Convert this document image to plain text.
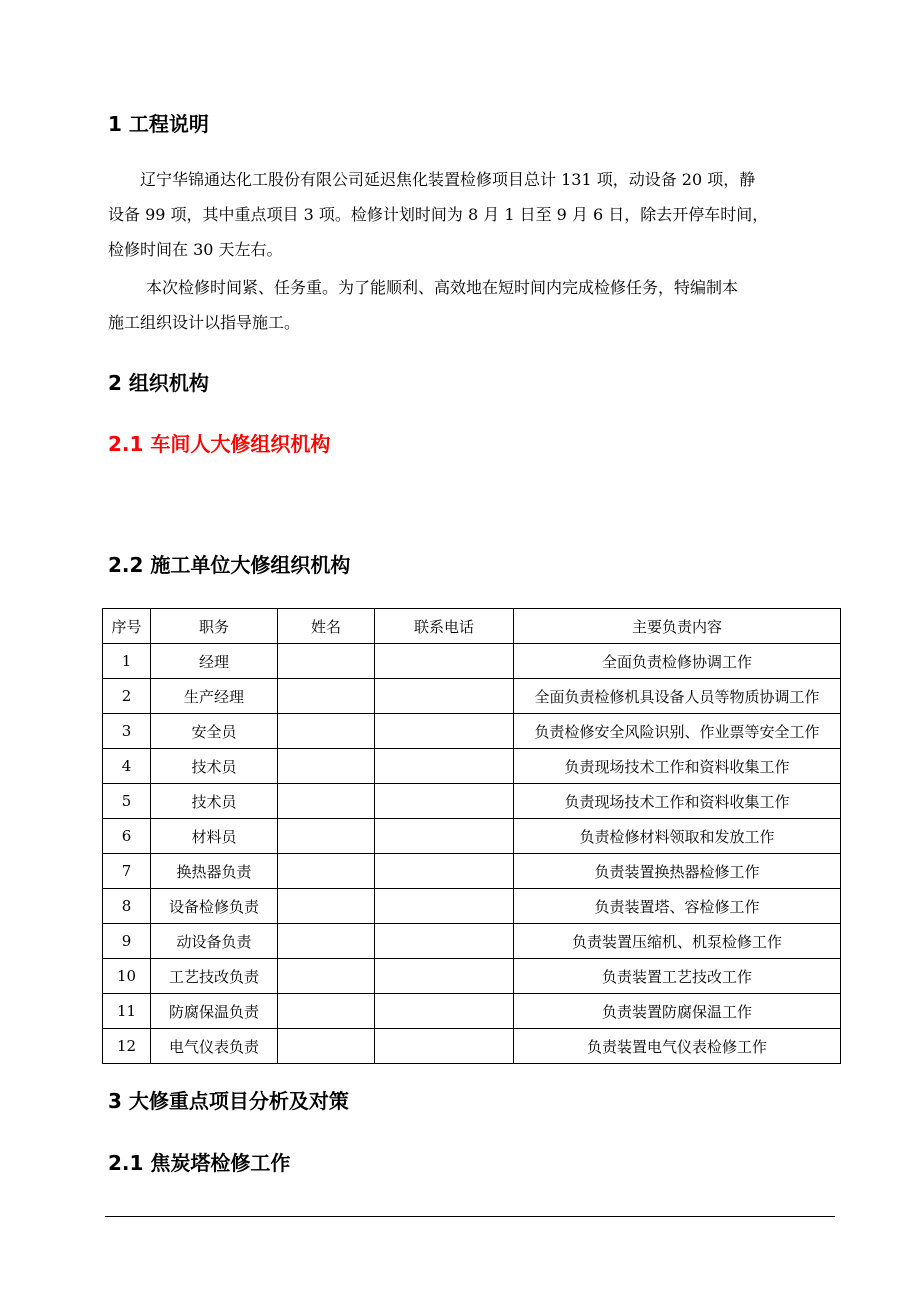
1 工程说明
辽宁华锦通达化工股份有限公司延迟焦化装置检修项目总计 131 项，动设备 20 项，静
设备 99 项，其中重点项目 3 项。检修计划时间为 8 月 1 日至 9 月 6 日，除去开停车时间，
检修时间在 30 天左右。
本次检修时间紧、任务重。为了能顺利、高效地在短时间内完成检修任务，特编制本
施工组织设计以指导施工。
2 组织机构
2.1 车间人大修组织机构
2.2 施工单位大修组织机构
序号	职务	姓名	联系电话	主要负责内容
1	经理			全面负责检修协调工作
2	生产经理			全面负责检修机具设备人员等物质协调工作
3	安全员			负责检修安全风险识别、作业票等安全工作
4	技术员			负责现场技术工作和资料收集工作
5	技术员			负责现场技术工作和资料收集工作
6	材料员			负责检修材料领取和发放工作
7	换热器负责			负责装置换热器检修工作
8	设备检修负责			负责装置塔、容检修工作
9	动设备负责			负责装置压缩机、机泵检修工作
10	工艺技改负责			负责装置工艺技改工作
11	防腐保温负责			负责装置防腐保温工作
12	电气仪表负责			负责装置电气仪表检修工作
3 大修重点项目分析及对策
2.1 焦炭塔检修工作
